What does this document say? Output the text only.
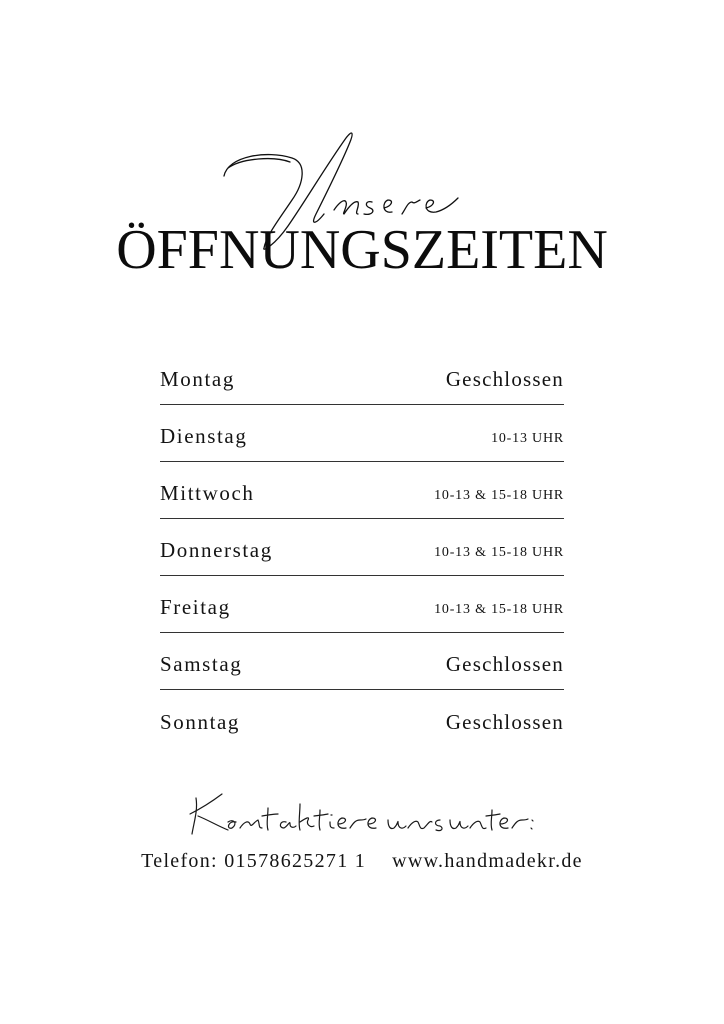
ÖFFNUNGSZEITEN
Montag	Geschlossen
Dienstag	10-13 UHR
Mittwoch	10-13 & 15-18 UHR
Donnerstag	10-13 & 15-18 UHR
Freitag	10-13 & 15-18 UHR
Samstag	Geschlossen
Sonntag	Geschlossen
Telefon: 01578625271 1 www.handmadekr.de
